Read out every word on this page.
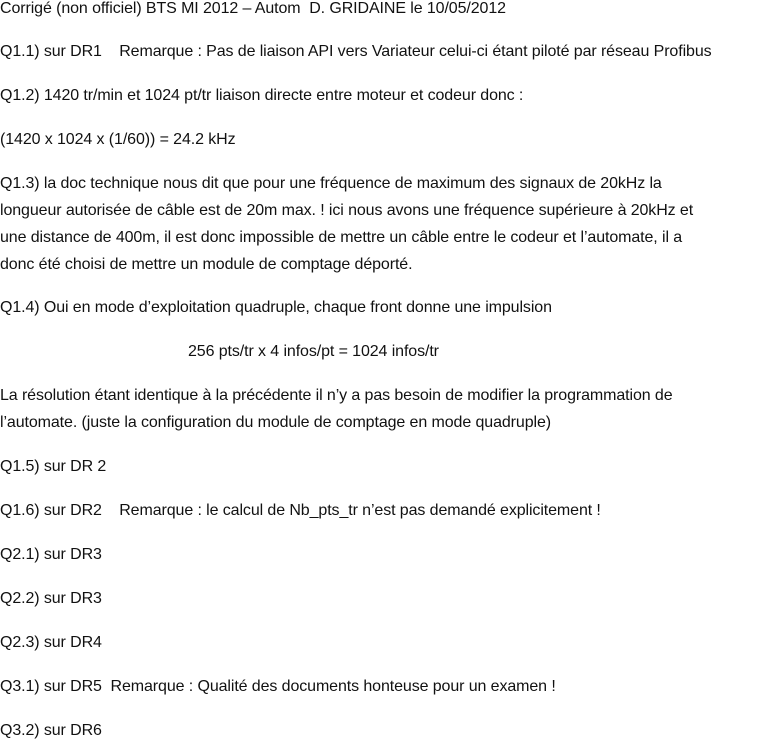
Corrigé (non officiel) BTS MI 2012 – Autom  D. GRIDAINE le 10/05/2012
Q1.1) sur DR1    Remarque : Pas de liaison API vers Variateur celui-ci étant piloté par réseau Profibus
Q1.2) 1420 tr/min et 1024 pt/tr liaison directe entre moteur et codeur donc :
(1420 x 1024 x (1/60)) = 24.2 kHz
Q1.3) la doc technique nous dit que pour une fréquence de maximum des signaux de 20kHz la
longueur autorisée de câble est de 20m max. ! ici nous avons une fréquence supérieure à 20kHz et
une distance de 400m, il est donc impossible de mettre un câble entre le codeur et l’automate, il a
donc été choisi de mettre un module de comptage déporté.
Q1.4) Oui en mode d’exploitation quadruple, chaque front donne une impulsion
256 pts/tr x 4 infos/pt = 1024 infos/tr
La résolution étant identique à la précédente il n’y a pas besoin de modifier la programmation de
l’automate. (juste la configuration du module de comptage en mode quadruple)
Q1.5) sur DR 2
Q1.6) sur DR2    Remarque : le calcul de Nb_pts_tr n’est pas demandé explicitement !
Q2.1) sur DR3
Q2.2) sur DR3
Q2.3) sur DR4
Q3.1) sur DR5  Remarque : Qualité des documents honteuse pour un examen !
Q3.2) sur DR6
